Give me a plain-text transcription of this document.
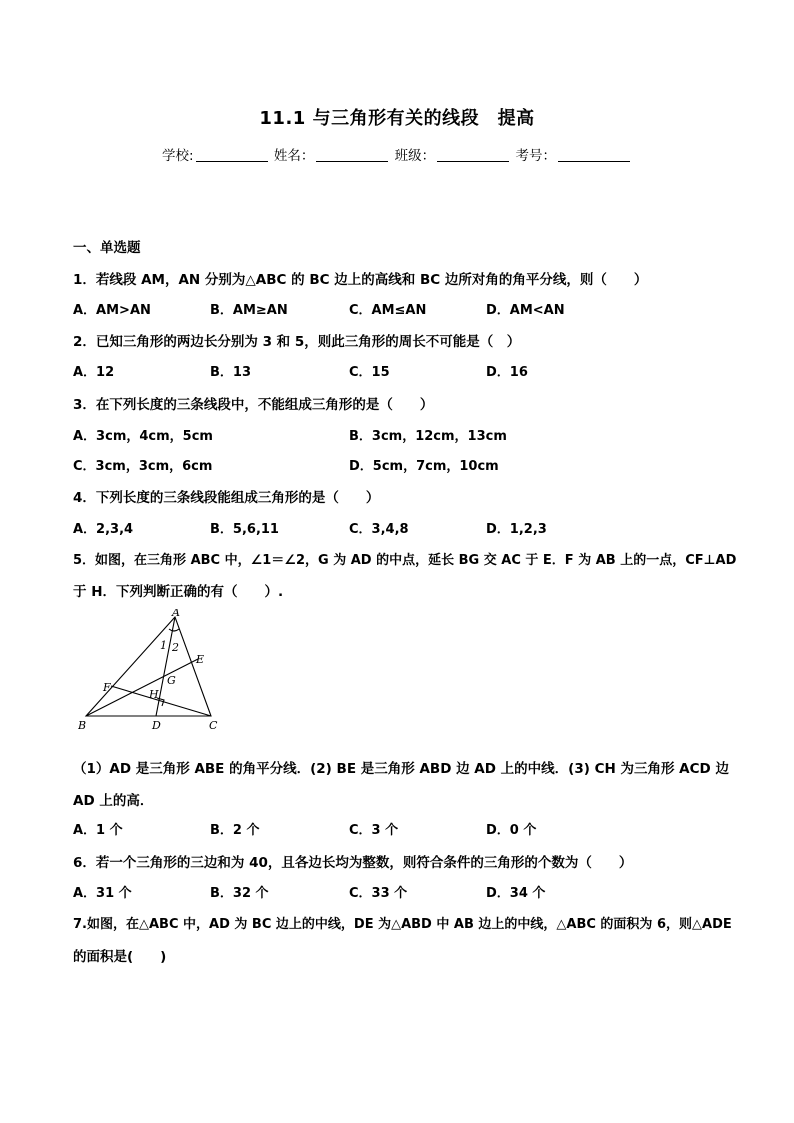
11.1 与三角形有关的线段　提高
学校:	姓名：	班级：	考号：
一、单选题
1．若线段 AM，AN 分别为△ABC 的 BC 边上的高线和 BC 边所对角的角平分线，则（　　）
A．AM>AN	B．AM≥AN	C．AM≤AN	D．AM<AN
2．已知三角形的两边长分别为 3 和 5，则此三角形的周长不可能是（　）
A．12	B．13	C．15	D．16
3．在下列长度的三条线段中，不能组成三角形的是（　　）
A．3cm，4cm，5cm	B．3cm，12cm，13cm
C．3cm，3cm，6cm	D．5cm，7cm，10cm
4．下列长度的三条线段能组成三角形的是（　　）
A．2,3,4	B．5,6,11	C．3,4,8	D．1,2,3
5．如图，在三角形 ABC 中，∠1＝∠2，G 为 AD 的中点，延长 BG 交 AC 于 E．F 为 AB 上的一点，CF⊥AD
于 H．下列判断正确的有（　　）.
A
B	C
D
E
F
G
H
1 2
（1）AD 是三角形 ABE 的角平分线．(2) BE 是三角形 ABD 边 AD 上的中线．(3) CH 为三角形 ACD 边
AD 上的高．
A．1 个	B．2 个	C．3 个	D．0 个
6．若一个三角形的三边和为 40，且各边长均为整数，则符合条件的三角形的个数为（　　）
A．31 个	B．32 个	C．33 个	D．34 个
7.如图，在△ABC 中，AD 为 BC 边上的中线，DE 为△ABD 中 AB 边上的中线，△ABC 的面积为 6，则△ADE
的面积是(　　)
